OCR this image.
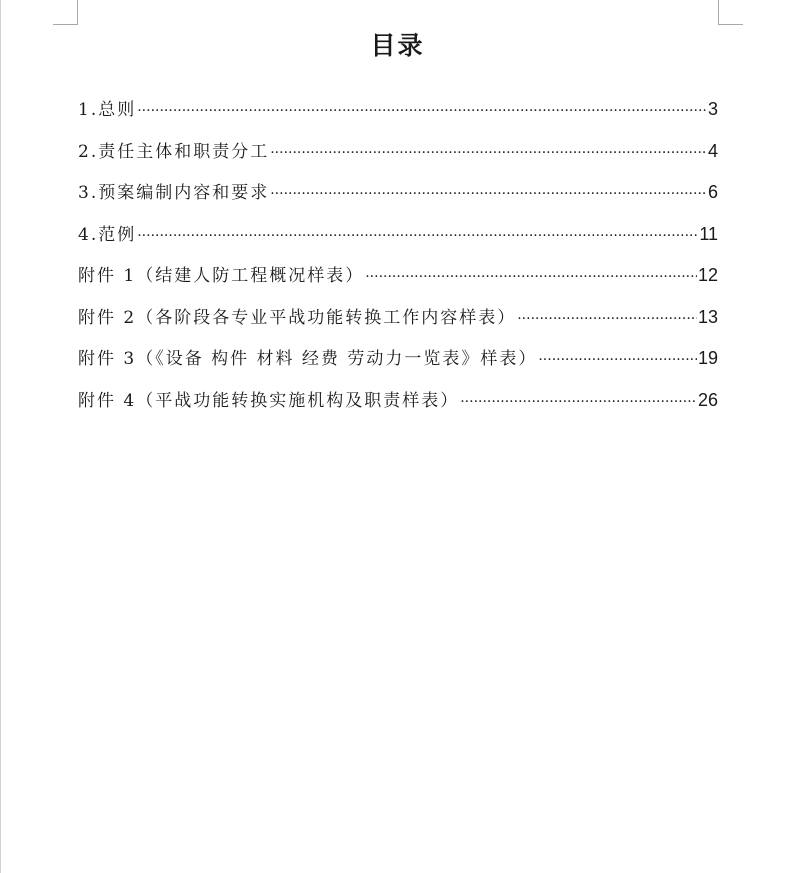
目录
1.总则 ·····	3
2.责任主体和职责分工 ·····	4
3.预案编制内容和要求 ·····	6
4.范例 ·····	11
附件 1（结建人防工程概况样表） ·····	12
附件 2（各阶段各专业平战功能转换工作内容样表） ·····	13
附件 3（《设备 构件 材料 经费 劳动力一览表》样表） ·····	19
附件 4（平战功能转换实施机构及职责样表） ·····	26
